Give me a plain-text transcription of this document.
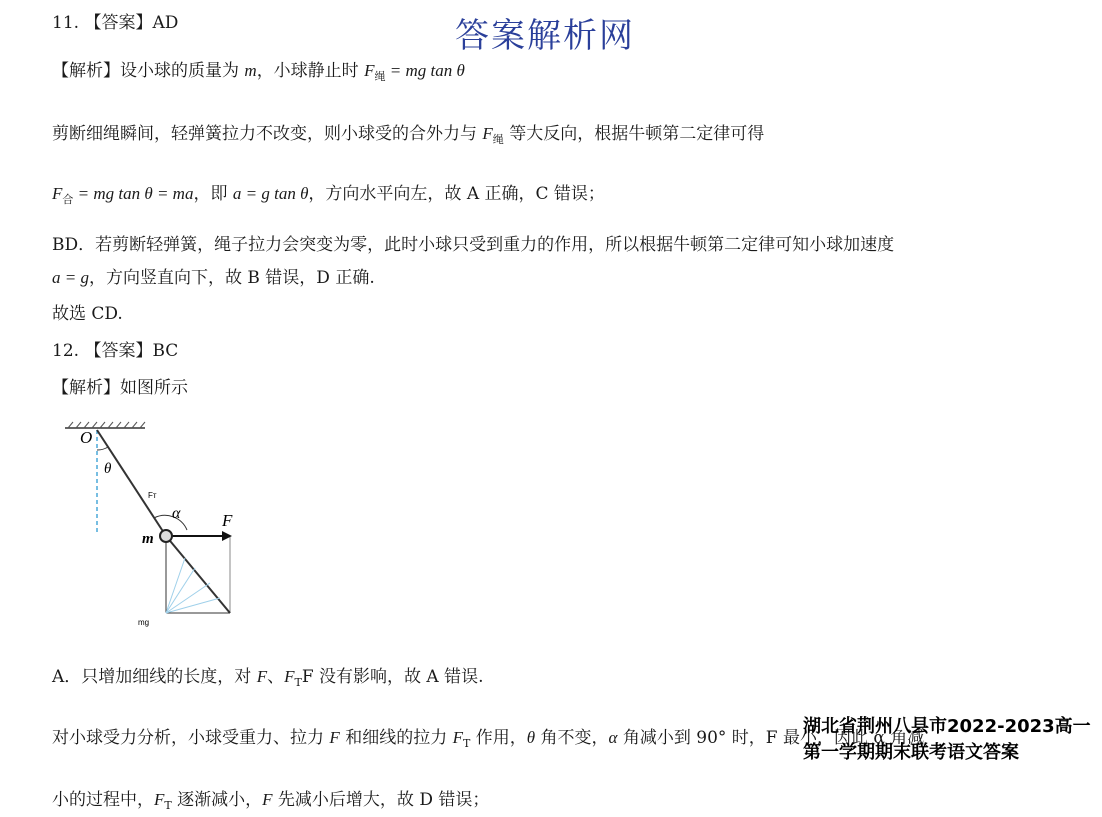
答案解析网
11. 【答案】AD
【解析】设小球的质量为 m，小球静止时 $F_绳$ = mg tan θ
剪断细绳瞬间，轻弹簧拉力不改变，则小球受的合外力与 $F_绳$ 等大反向，根据牛顿第二定律可得
$F_合$ = mg tan θ = ma，即 a = g tan θ，方向水平向左，故 A 正确，C 错误；
BD．若剪断轻弹簧，绳子拉力会突变为零，此时小球只受到重力的作用，所以根据牛顿第二定律可知小球加速度
a = g，方向竖直向下，故 B 错误，D 正确.
故选 CD.
12. 【答案】BC
【解析】如图所示
O
θ
Fт
α F
m
mg
A．只增加细线的长度，对 F、$F_TF$ 没有影响，故 A 错误.
对小球受力分析，小球受重力、拉力 F 和细线的拉力 $F_T$ 作用，θ 角不变，α 角减小到 90° 时，F 最小，因此 α 角减
小的过程中，$F_T$ 逐渐减小，F 先减小后增大，故 D 错误；
湖北省荆州八县市2022-2023高一第一学期期末联考语文答案
